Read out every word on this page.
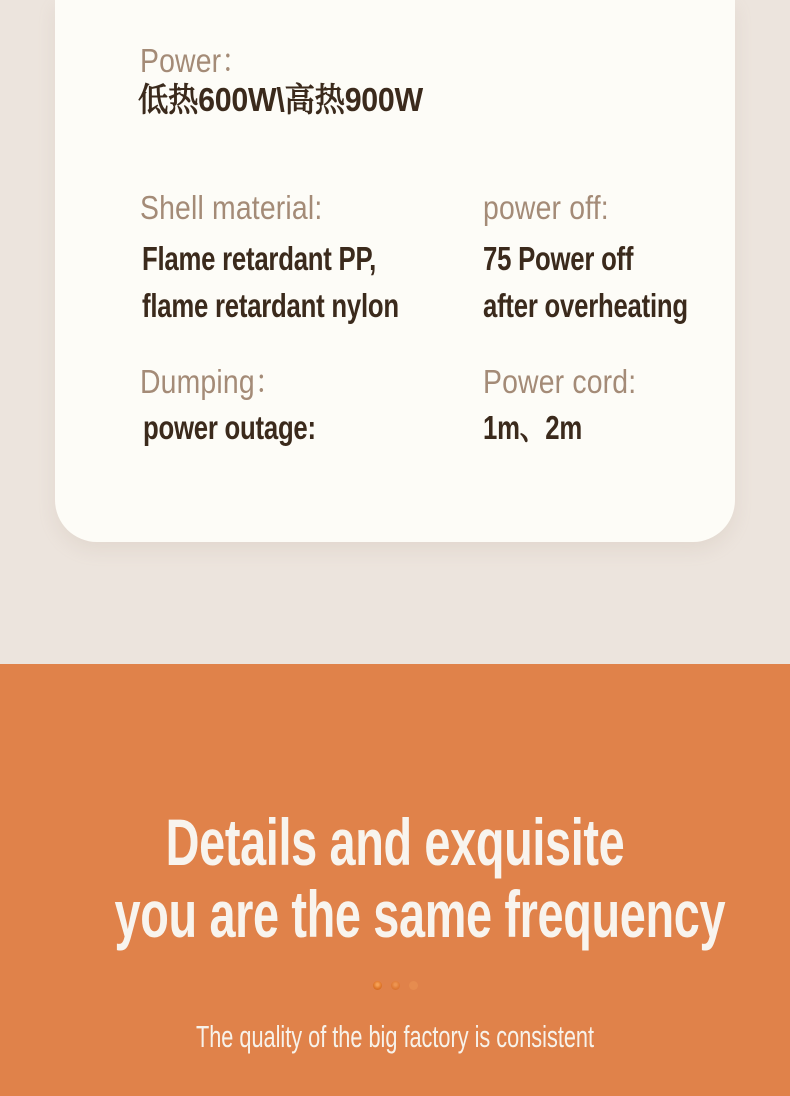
Power：
低热600W\高热900W
Shell material:	power off:
Flame retardant PP,	75 Power off
flame retardant nylon	after overheating
Dumping：	Power cord:
power outage:	1m、2m
Details and exquisite
you are the same frequency
The quality of the big factory is consistent
